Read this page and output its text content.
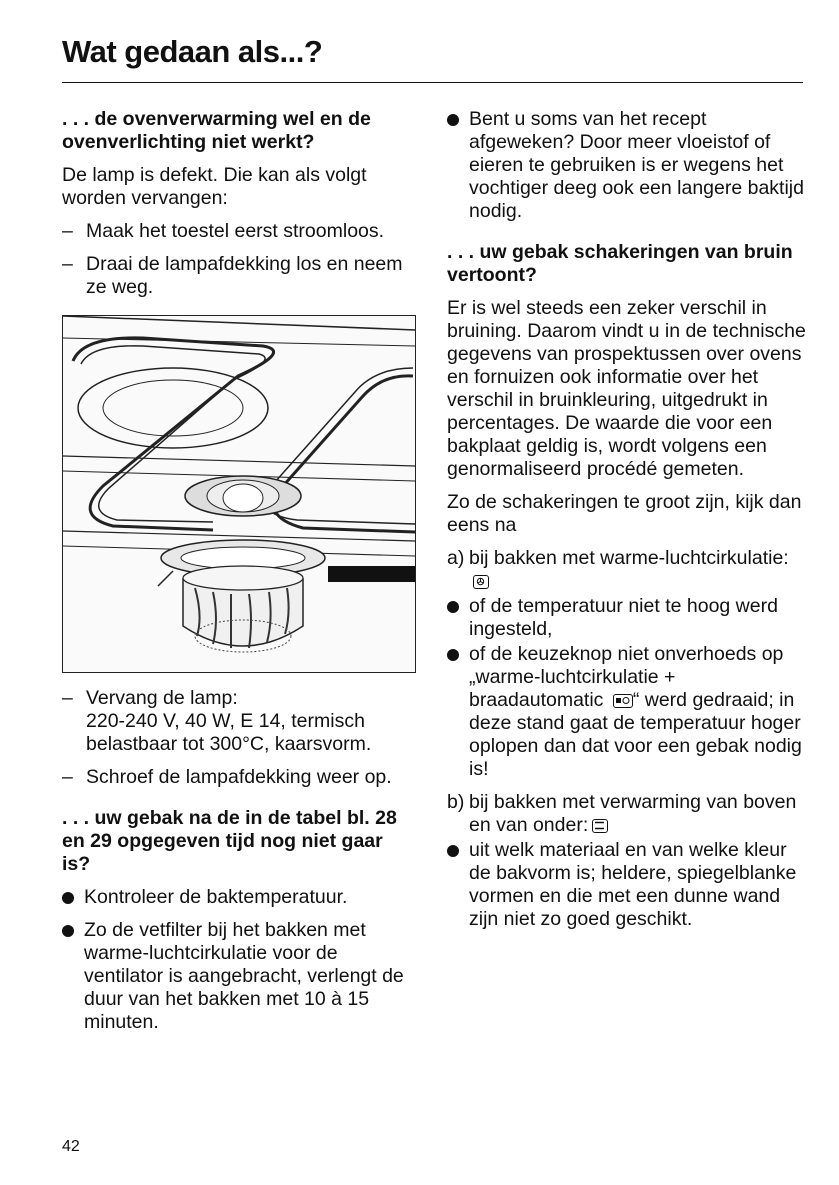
Wat gedaan als...?
. . . de ovenverwarming wel en de ovenverlichting niet werkt?

De lamp is defekt. Die kan als volgt worden vervangen:

– Maak het toestel eerst stroomloos.
– Draai de lampafdekking los en neem ze weg.
– Vervang de lamp:
220-240 V, 40 W, E 14, termisch
belastbaar tot 300°C, kaarsvorm.
– Schroef de lampafdekking weer op.
. . . uw gebak na de in de tabel bl. 28 en 29 opgegeven tijd nog niet gaar is?
Kontroleer de baktemperatuur.
Zo de vetfilter bij het bakken met warme-luchtcirkulatie voor de ventilator is aangebracht, verlengt de duur van het bakken met 10 à 15 minuten.
Bent u soms van het recept afgeweken? Door meer vloeistof of eieren te gebruiken is er wegens het vochtiger deeg ook een langere baktijd nodig.
. . . uw gebak schakeringen van bruin vertoont?

Er is wel steeds een zeker verschil in bruining. Daarom vindt u in de technische gegevens van prospektussen over ovens en fornuizen ook informatie over het verschil in bruinkleuring, uitgedrukt in percentages. De waarde die voor een bakplaat geldig is, wordt volgens een genormaliseerd procédé gemeten.

Zo de schakeringen te groot zijn, kijk dan eens na

a) bij bakken met warme-luchtcirkulatie:
of de temperatuur niet te hoog werd ingesteld,
of de keuzeknop niet onverhoeds op „warme-luchtcirkulatie + braadautomatic “ werd gedraaid; in deze stand gaat de temperatuur hoger oplopen dan dat voor een gebak nodig is!
b) bij bakken met verwarming van boven en van onder:
uit welk materiaal en van welke kleur de bakvorm is; heldere, spiegelblanke vormen en die met een dunne wand zijn niet zo goed geschikt.
42
